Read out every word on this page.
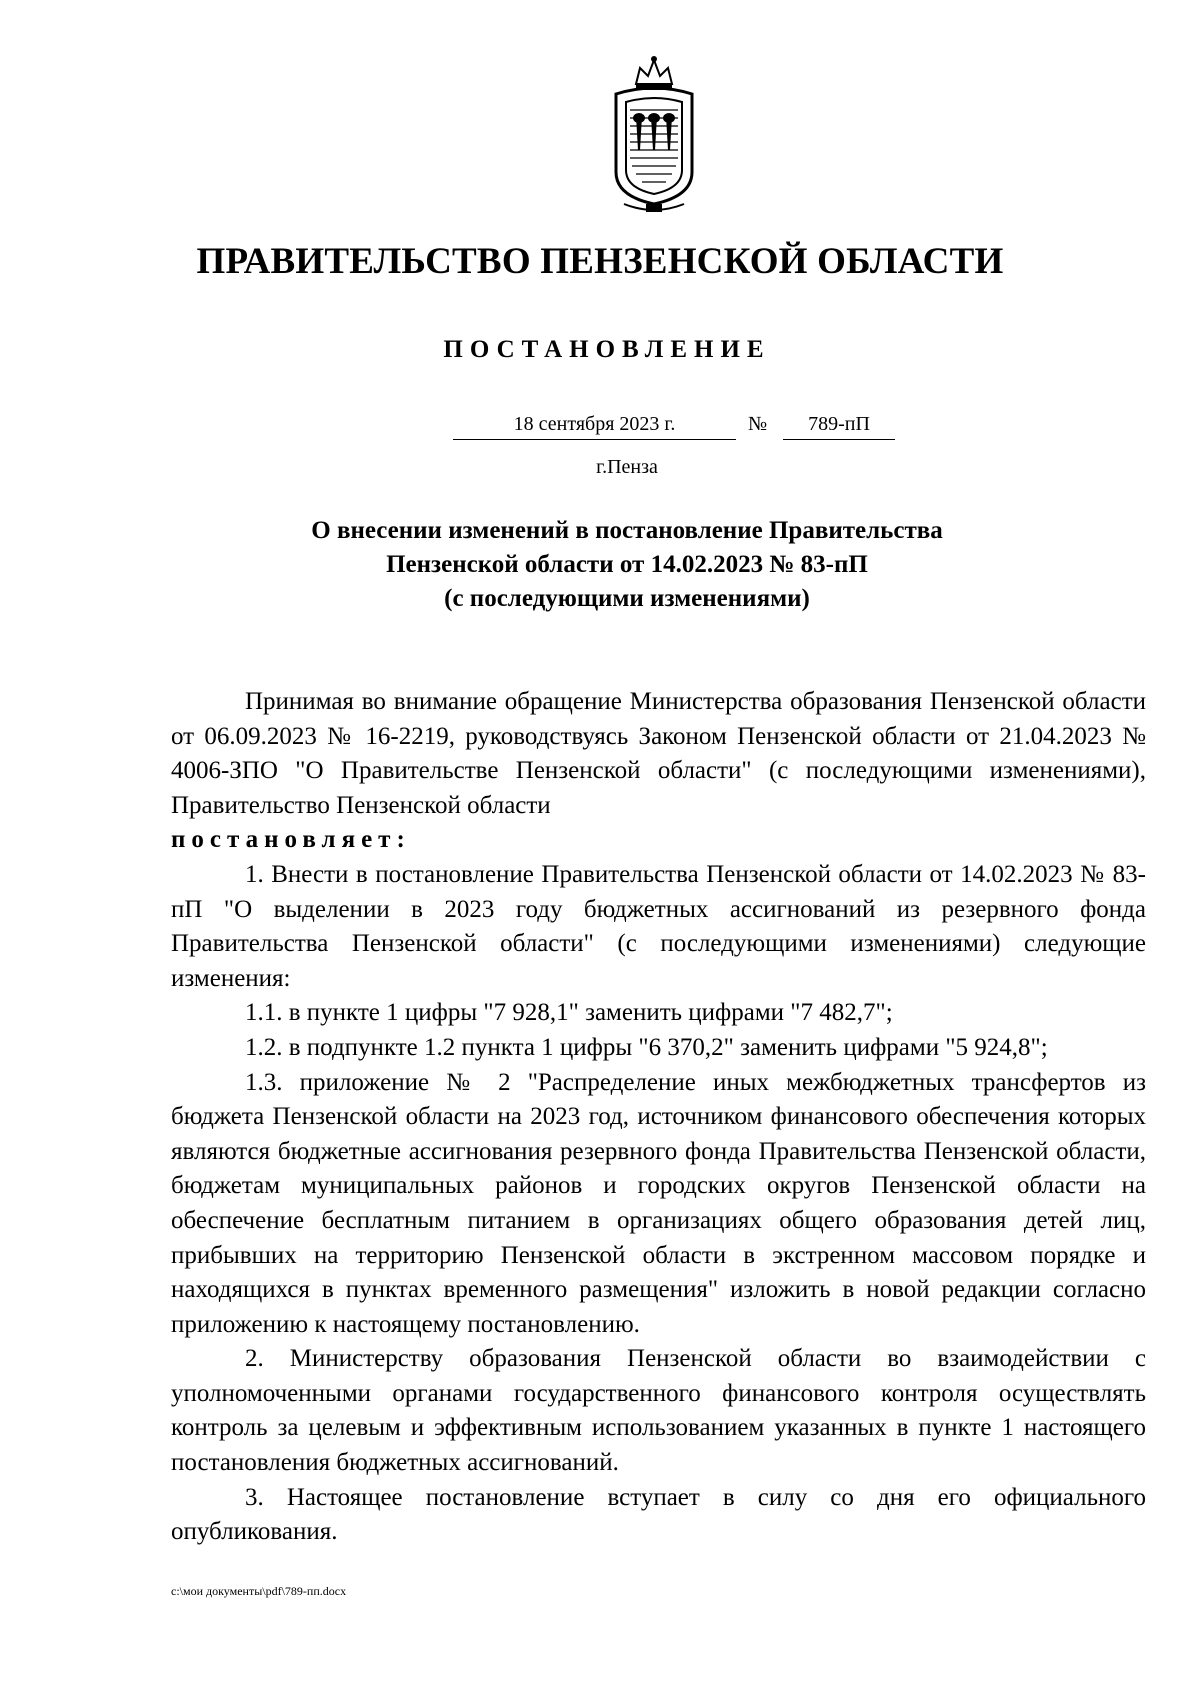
ПРАВИТЕЛЬСТВО ПЕНЗЕНСКОЙ ОБЛАСТИ
ПОСТАНОВЛЕНИЕ
18 сентября 2023 г.	№	789-пП
г.Пенза
О внесении изменений в постановление Правительства
Пензенской области от 14.02.2023 № 83-пП
(с последующими изменениями)

Принимая во внимание обращение Министерства образования Пензенской области от 06.09.2023 № 16-2219, руководствуясь Законом Пензенской области от 21.04.2023 № 4006-ЗПО "О Правительстве Пензенской области" (с последующими изменениями), Правительство Пензенской области

постановляет:

1. Внести в постановление Правительства Пензенской области от 14.02.2023 № 83-пП "О выделении в 2023 году бюджетных ассигнований из резервного фонда Правительства Пензенской области" (с последующими изменениями) следующие изменения:

1.1. в пункте 1 цифры "7 928,1" заменить цифрами "7 482,7";

1.2. в подпункте 1.2 пункта 1 цифры "6 370,2" заменить цифрами "5 924,8";

1.3. приложение № 2 "Распределение иных межбюджетных трансфертов из бюджета Пензенской области на 2023 год, источником финансового обеспечения которых являются бюджетные ассигнования резервного фонда Правительства Пензенской области, бюджетам муниципальных районов и городских округов Пензенской области на обеспечение бесплатным питанием в организациях общего образования детей лиц, прибывших на территорию Пензенской области в экстренном массовом порядке и находящихся в пунктах временного размещения" изложить в новой редакции согласно приложению к настоящему постановлению.

2. Министерству образования Пензенской области во взаимодействии с уполномоченными органами государственного финансового контроля осуществлять контроль за целевым и эффективным использованием указанных в пункте 1 настоящего постановления бюджетных ассигнований.

3. Настоящее постановление вступает в силу со дня его официального опубликования.

c:\мои документы\pdf\789-пп.docx
